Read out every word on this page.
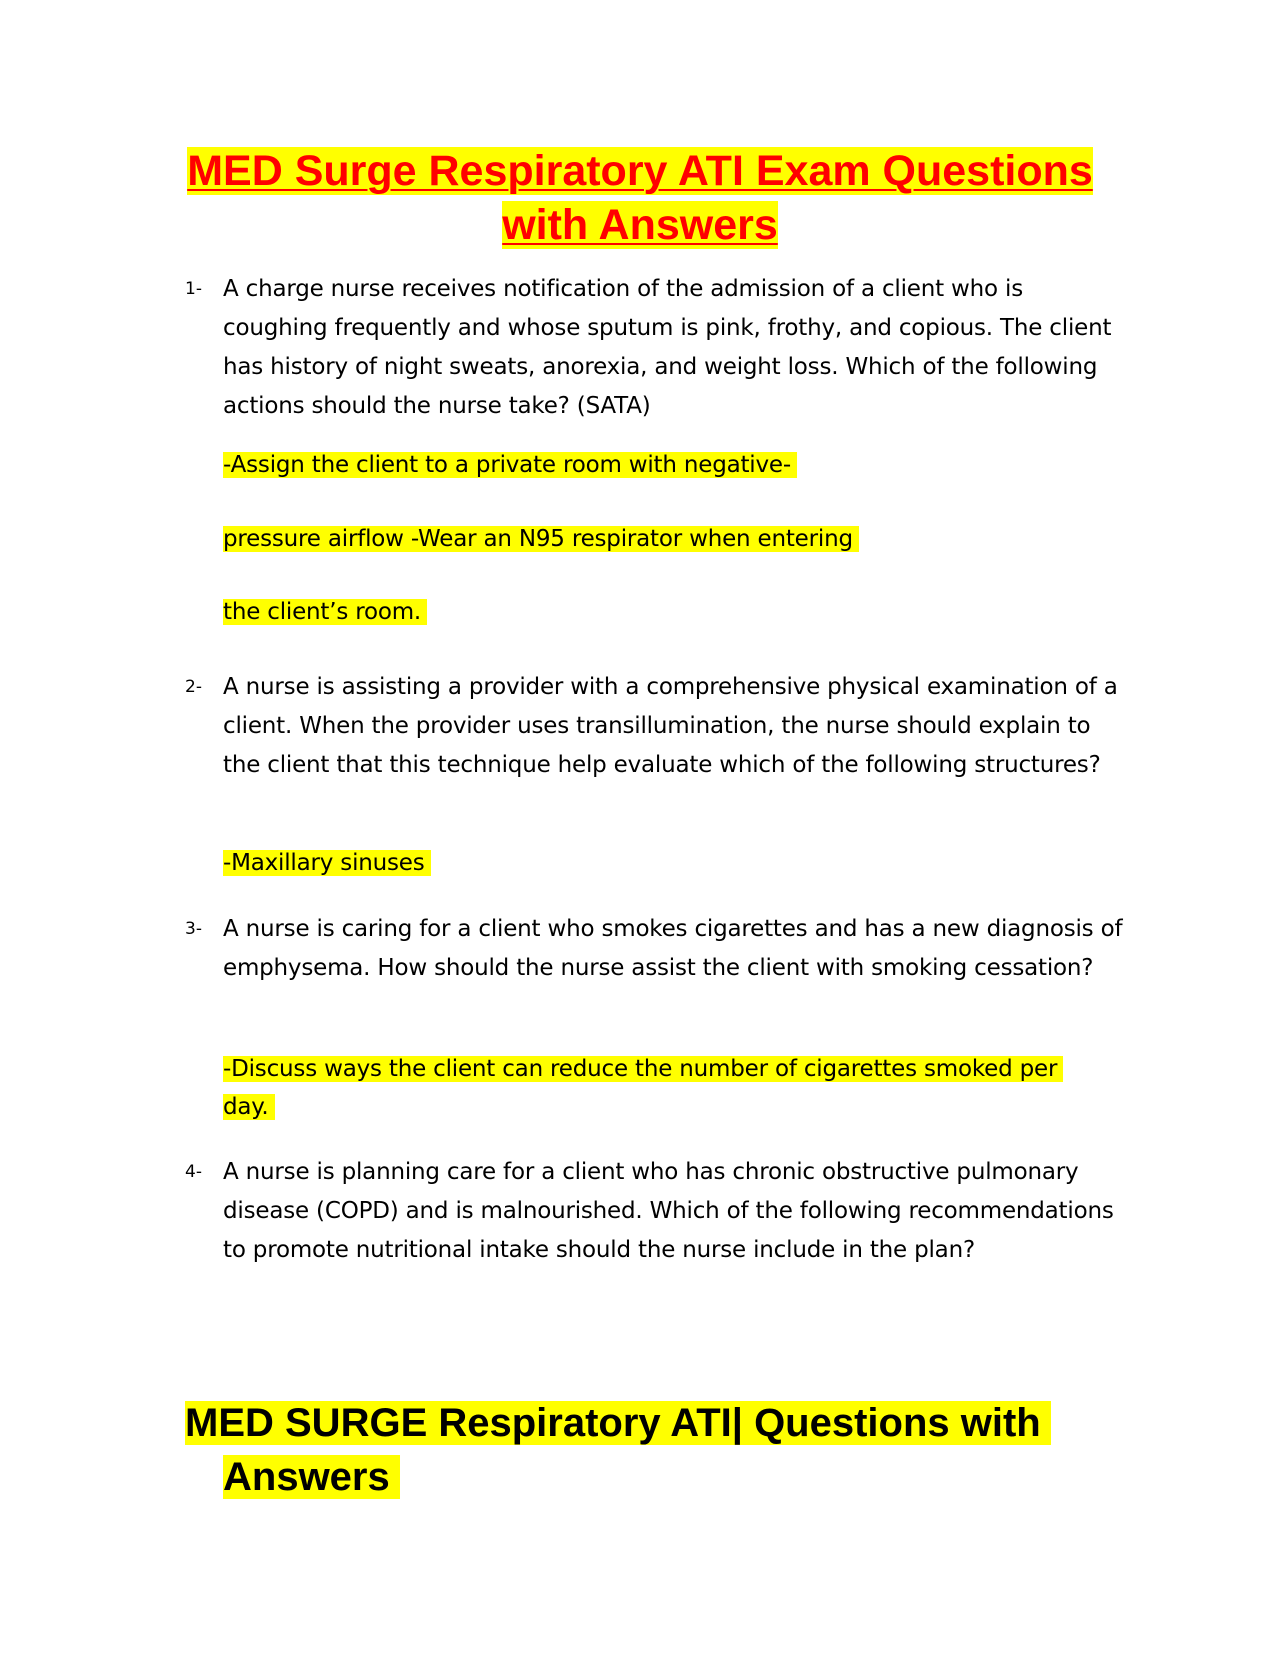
MED Surge Respiratory ATI Exam Questions
with Answers
1- A charge nurse receives notification of the admission of a client who is coughing frequently and whose sputum is pink, frothy, and copious. The client has history of night sweats, anorexia, and weight loss. Which of the following actions should the nurse take? (SATA)
-Assign the client to a private room with negative-
pressure airflow -Wear an N95 respirator when entering
the client’s room.
2- A nurse is assisting a provider with a comprehensive physical examination of a client. When the provider uses transillumination, the nurse should explain to the client that this technique help evaluate which of the following structures?
-Maxillary sinuses
3- A nurse is caring for a client who smokes cigarettes and has a new diagnosis of emphysema. How should the nurse assist the client with smoking cessation?
-Discuss ways the client can reduce the number of cigarettes smoked per
day.
4- A nurse is planning care for a client who has chronic obstructive pulmonary disease (COPD) and is malnourished. Which of the following recommendations to promote nutritional intake should the nurse include in the plan?
MED SURGE Respiratory ATI| Questions with
Answers
